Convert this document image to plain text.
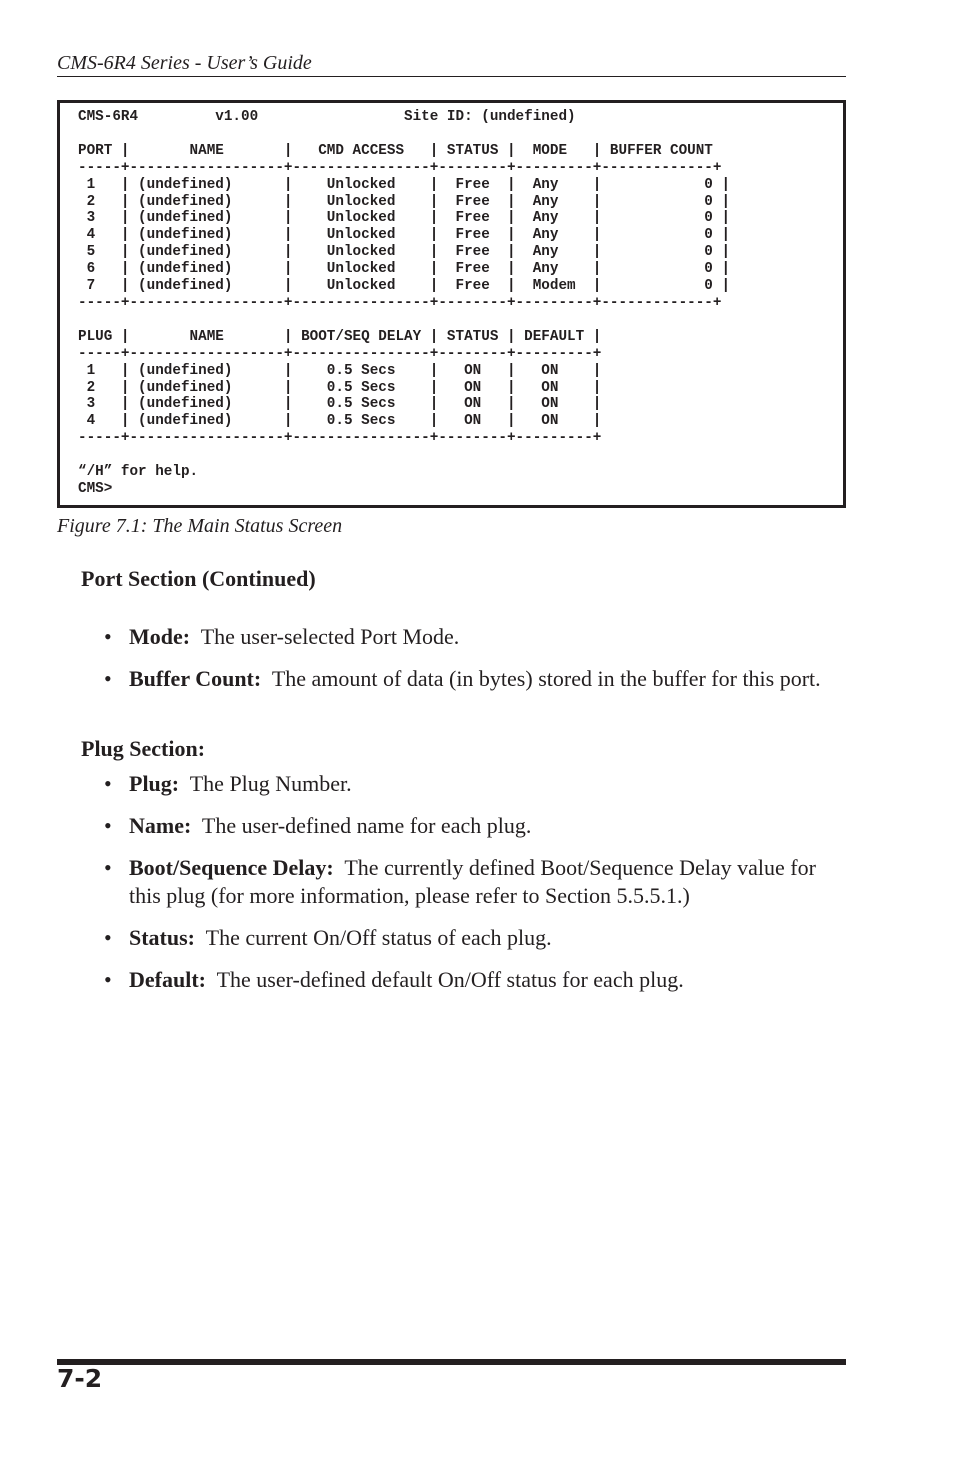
CMS-6R4 Series - User’s Guide
CMS-6R4         v1.00                 Site ID: (undefined)

PORT |       NAME       |   CMD ACCESS   | STATUS |  MODE   | BUFFER COUNT
-----+------------------+----------------+--------+---------+-------------+
1   | (undefined)      |    Unlocked    |  Free  |  Any    |            0 |
2   | (undefined)      |    Unlocked    |  Free  |  Any    |            0 |
3   | (undefined)      |    Unlocked    |  Free  |  Any    |            0 |
4   | (undefined)      |    Unlocked    |  Free  |  Any    |            0 |
5   | (undefined)      |    Unlocked    |  Free  |  Any    |            0 |
6   | (undefined)      |    Unlocked    |  Free  |  Any    |            0 |
7   | (undefined)      |    Unlocked    |  Free  |  Modem  |            0 |
-----+------------------+----------------+--------+---------+-------------+

PLUG |       NAME       | BOOT/SEQ DELAY | STATUS | DEFAULT |
-----+------------------+----------------+--------+---------+
1   | (undefined)      |    0.5 Secs    |   ON   |   ON    |
2   | (undefined)      |    0.5 Secs    |   ON   |   ON    |
3   | (undefined)      |    0.5 Secs    |   ON   |   ON    |
4   | (undefined)      |    0.5 Secs    |   ON   |   ON    |
-----+------------------+----------------+--------+---------+

“/H” for help.
CMS>
Figure 7.1: The Main Status Screen
Port Section (Continued)
• Mode: The user-selected Port Mode.
• Buffer Count: The amount of data (in bytes) stored in the buffer for this port.
Plug Section:
• Plug: The Plug Number.
• Name: The user-defined name for each plug.
• Boot/Sequence Delay: The currently defined Boot/Sequence Delay value for this plug (for more information, please refer to Section 5.5.5.1.)
• Status: The current On/Off status of each plug.
• Default: The user-defined default On/Off status for each plug.
7-2
